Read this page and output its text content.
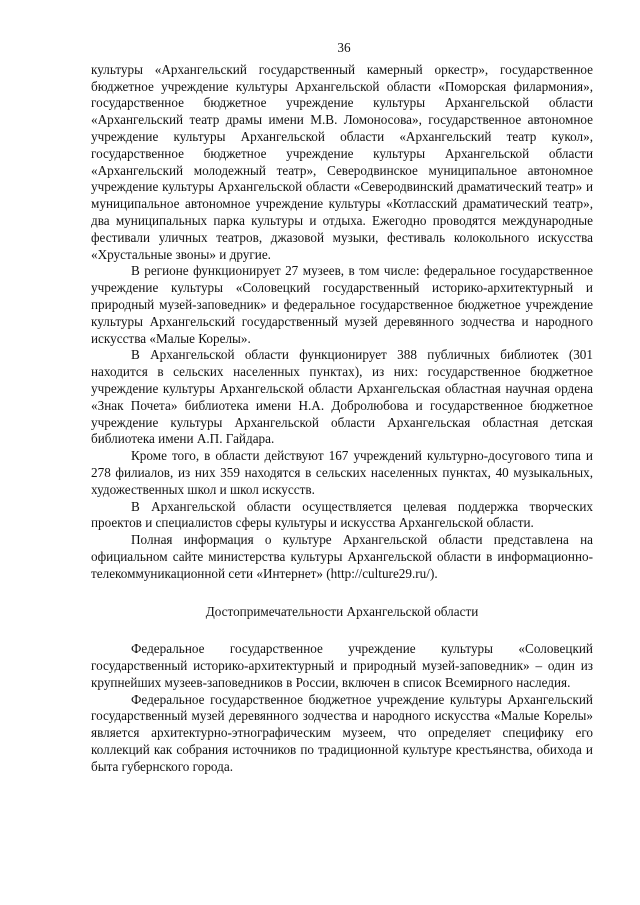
36

культуры «Архангельский государственный камерный оркестр», государственное бюджетное учреждение культуры Архангельской области «Поморская филармония», государственное бюджетное учреждение культуры Архангельской области «Архангельский театр драмы имени М.В. Ломоносова», государственное автономное учреждение культуры Архангельской области «Архангельский театр кукол», государственное бюджетное учреждение культуры Архангельской области «Архангельский молодежный театр», Северодвинское муниципальное автономное учреждение культуры Архангельской области «Северодвинский драматический театр» и муниципальное автономное учреждение культуры «Котласский драматический театр», два муниципальных парка культуры и отдыха. Ежегодно проводятся международные фестивали уличных театров, джазовой музыки, фестиваль колокольного искусства «Хрустальные звоны» и другие.

В регионе функционирует 27 музеев, в том числе: федеральное государственное учреждение культуры «Соловецкий государственный историко-архитектурный и природный музей-заповедник» и федеральное государственное бюджетное учреждение культуры Архангельский государственный музей деревянного зодчества и народного искусства «Малые Корелы».

В Архангельской области функционирует 388 публичных библиотек (301 находится в сельских населенных пунктах), из них: государственное бюджетное учреждение культуры Архангельской области Архангельская областная научная ордена «Знак Почета» библиотека имени Н.А. Добролюбова и государственное бюджетное учреждение культуры Архангельской области Архангельская областная детская библиотека имени А.П. Гайдара.

Кроме того, в области действуют 167 учреждений культурно-досугового типа и 278 филиалов, из них 359 находятся в сельских населенных пунктах, 40 музыкальных, художественных школ и школ искусств.

В Архангельской области осуществляется целевая поддержка творческих проектов и специалистов сферы культуры и искусства Архангельской области.

Полная информация о культуре Архангельской области представлена на официальном сайте министерства культуры Архангельской области в информационно-телекоммуникационной сети «Интернет» (http://culture29.ru/).

Достопримечательности Архангельской области

Федеральное государственное учреждение культуры «Соловецкий государственный историко-архитектурный и природный музей-заповедник» – один из крупнейших музеев-заповедников в России, включен в список Всемирного наследия.

Федеральное государственное бюджетное учреждение культуры Архангельский государственный музей деревянного зодчества и народного искусства «Малые Корелы» является архитектурно-этнографическим музеем, что определяет специфику его коллекций как собрания источников по традиционной культуре крестьянства, обихода и быта губернского города.
